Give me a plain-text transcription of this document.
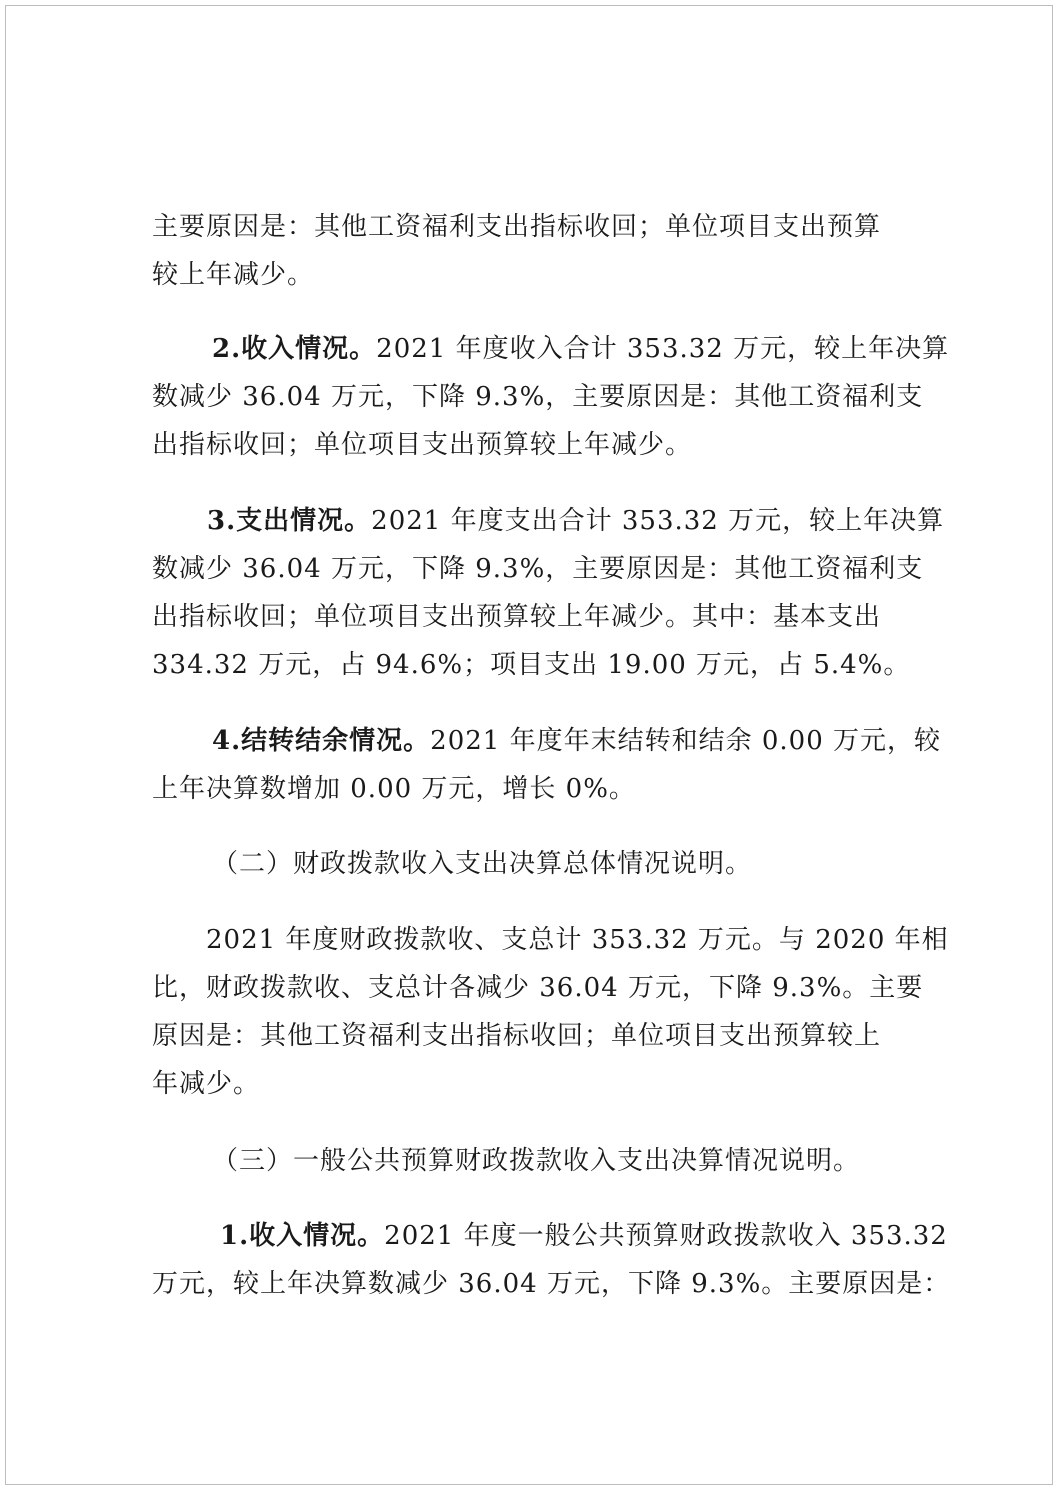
主要原因是：其他工资福利支出指标收回；单位项目支出预算
较上年减少。
2.收入情况。2021 年度收入合计 353.32 万元，较上年决算
数减少 36.04 万元，下降 9.3%，主要原因是：其他工资福利支
出指标收回；单位项目支出预算较上年减少。
3.支出情况。2021 年度支出合计 353.32 万元，较上年决算
数减少 36.04 万元，下降 9.3%，主要原因是：其他工资福利支
出指标收回；单位项目支出预算较上年减少。其中：基本支出
334.32 万元，占 94.6%；项目支出 19.00 万元，占 5.4%。
4.结转结余情况。2021 年度年末结转和结余 0.00 万元，较
上年决算数增加 0.00 万元，增长 0%。
（二）财政拨款收入支出决算总体情况说明。
2021 年度财政拨款收、支总计 353.32 万元。与 2020 年相
比，财政拨款收、支总计各减少 36.04 万元，下降 9.3%。主要
原因是：其他工资福利支出指标收回；单位项目支出预算较上
年减少。
（三）一般公共预算财政拨款收入支出决算情况说明。
1.收入情况。2021 年度一般公共预算财政拨款收入 353.32
万元，较上年决算数减少 36.04 万元，下降 9.3%。主要原因是：
